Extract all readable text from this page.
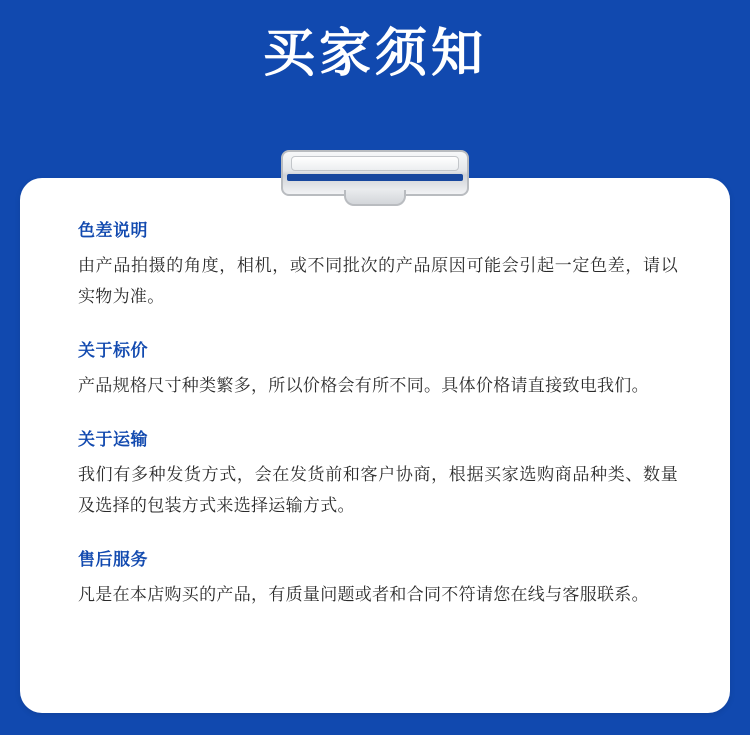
买家须知
色差说明
由产品拍摄的角度，相机，或不同批次的产品原因可能会引起一定色差，请以实物为准。
关于标价
产品规格尺寸种类繁多，所以价格会有所不同。具体价格请直接致电我们。
关于运输
我们有多种发货方式，会在发货前和客户协商，根据买家选购商品种类、数量及选择的包装方式来选择运输方式。
售后服务
凡是在本店购买的产品，有质量问题或者和合同不符请您在线与客服联系。
